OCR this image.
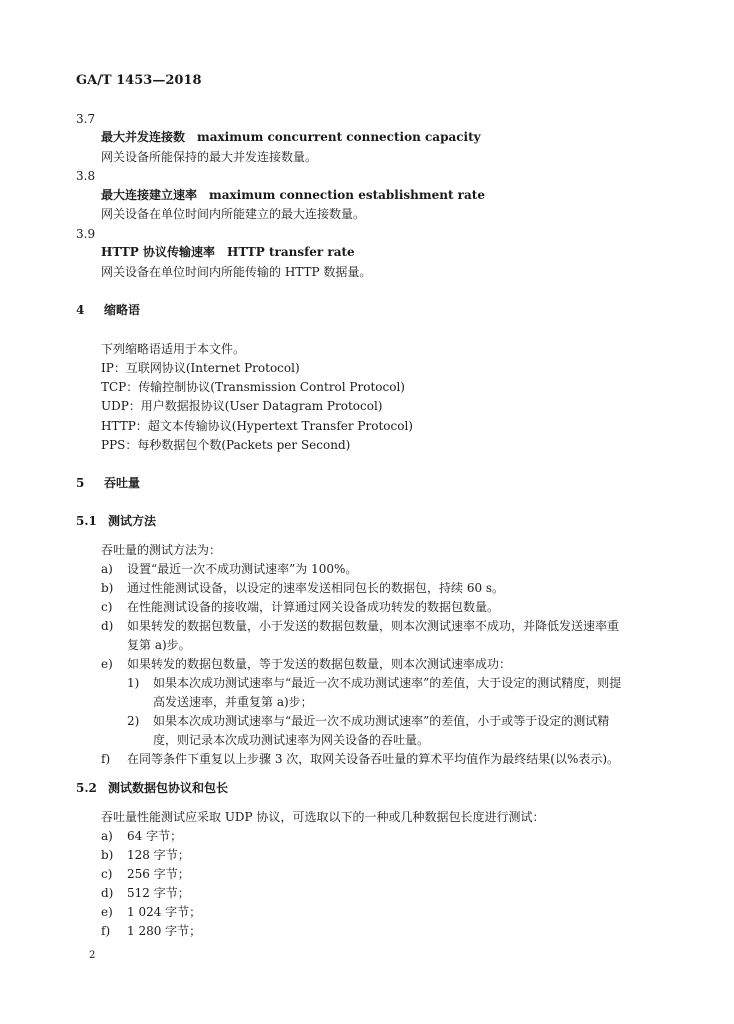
GA/T 1453—2018
3.7
最大并发连接数 maximum concurrent connection capacity
网关设备所能保持的最大并发连接数量。
3.8
最大连接建立速率 maximum connection establishment rate
网关设备在单位时间内所能建立的最大连接数量。
3.9
HTTP 协议传输速率 HTTP transfer rate
网关设备在单位时间内所能传输的 HTTP 数据量。
4 缩略语
下列缩略语适用于本文件。
IP：互联网协议(Internet Protocol)
TCP：传输控制协议(Transmission Control Protocol)
UDP：用户数据报协议(User Datagram Protocol)
HTTP：超文本传输协议(Hypertext Transfer Protocol)
PPS：每秒数据包个数(Packets per Second)
5 吞吐量
5.1 测试方法
吞吐量的测试方法为：
a) 设置“最近一次不成功测试速率”为 100%。
b) 通过性能测试设备，以设定的速率发送相同包长的数据包，持续 60 s。
c) 在性能测试设备的接收端，计算通过网关设备成功转发的数据包数量。
d) 如果转发的数据包数量，小于发送的数据包数量，则本次测试速率不成功，并降低发送速率重
复第 a)步。
e) 如果转发的数据包数量，等于发送的数据包数量，则本次测试速率成功：
1) 如果本次成功测试速率与“最近一次不成功测试速率”的差值，大于设定的测试精度，则提
高发送速率，并重复第 a)步；
2) 如果本次成功测试速率与“最近一次不成功测试速率”的差值，小于或等于设定的测试精
度，则记录本次成功测试速率为网关设备的吞吐量。
f) 在同等条件下重复以上步骤 3 次，取网关设备吞吐量的算术平均值作为最终结果(以%表示)。
5.2 测试数据包协议和包长
吞吐量性能测试应采取 UDP 协议，可选取以下的一种或几种数据包长度进行测试：
a) 64 字节；
b) 128 字节；
c) 256 字节；
d) 512 字节；
e) 1 024 字节；
f) 1 280 字节；
2
